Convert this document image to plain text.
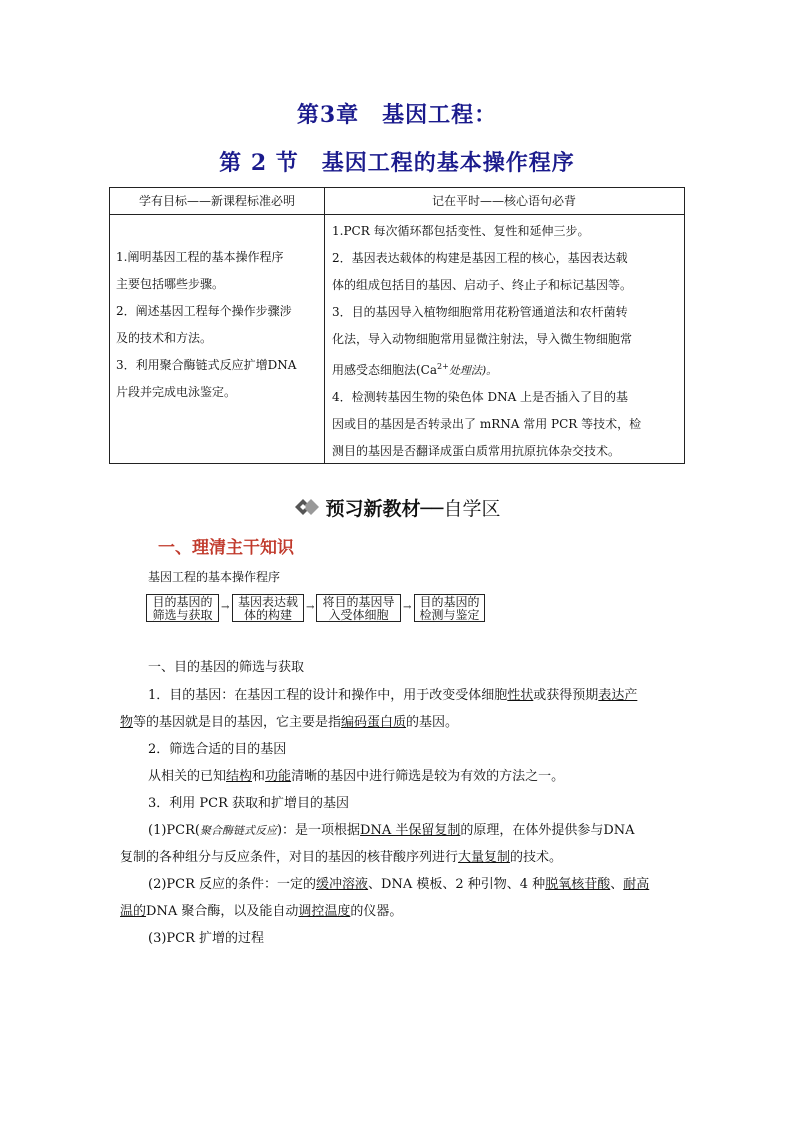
第3章　基因工程：
第 2 节　基因工程的基本操作程序
学有目标——新课程标准必明	记在平时——核心语句必背

1.阐明基因工程的基本操作程序

主要包括哪些步骤。

2．阐述基因工程每个操作步骤涉

及的技术和方法。

3．利用聚合酶链式反应扩增DNA

片段并完成电泳鉴定。

1.PCR 每次循环都包括变性、复性和延伸三步。

2．基因表达载体的构建是基因工程的核心，基因表达载

体的组成包括目的基因、启动子、终止子和标记基因等。

3．目的基因导入植物细胞常用花粉管通道法和农杆菌转

化法，导入动物细胞常用显微注射法，导入微生物细胞常

用感受态细胞法($Ca^{2+}$处理法)。

4．检测转基因生物的染色体 DNA 上是否插入了目的基

因或目的基因是否转录出了 mRNA 常用 PCR 等技术，检

测目的基因是否翻译成蛋白质常用抗原抗体杂交技术。

预习新教材──自学区
一、理清主干知识
基因工程的基本操作程序
目的基因的
筛选与获取
→ 基因表达载
体的构建
→ 将目的基因导
入受体细胞
→ 目的基因的
检测与鉴定
一、目的基因的筛选与获取
1．目的基因：在基因工程的设计和操作中，用于改变受体细胞性状或获得预期表达产
物等的基因就是目的基因，它主要是指编码蛋白质的基因。
2．筛选合适的目的基因
从相关的已知结构和功能清晰的基因中进行筛选是较为有效的方法之一。
3．利用 PCR 获取和扩增目的基因
(1)PCR(聚合酶链式反应)：是一项根据DNA 半保留复制的原理，在体外提供参与DNA
复制的各种组分与反应条件，对目的基因的核苷酸序列进行大量复制的技术。
(2)PCR 反应的条件：一定的缓冲溶液、DNA 模板、2 种引物、4 种脱氧核苷酸、耐高
温的DNA 聚合酶，以及能自动调控温度的仪器。
(3)PCR 扩增的过程
